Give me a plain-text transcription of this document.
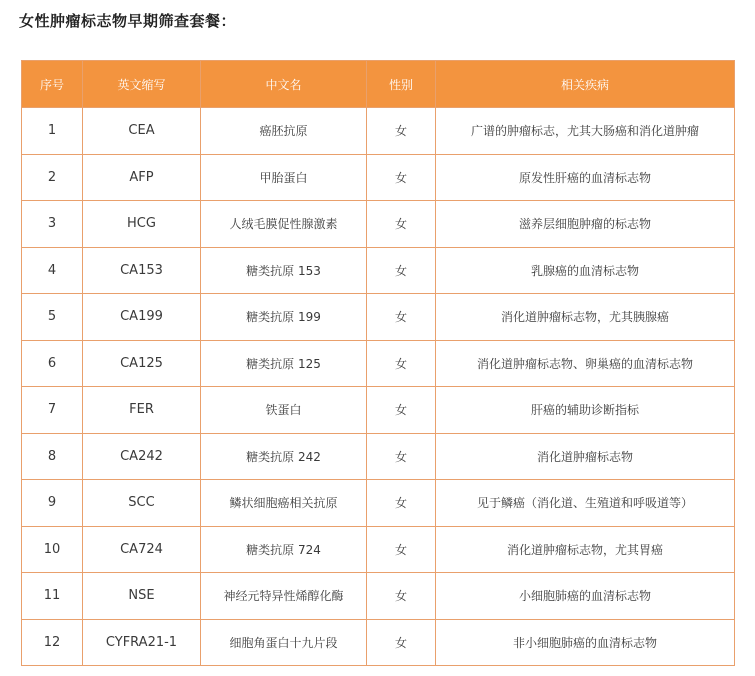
女性肿瘤标志物早期筛查套餐：
序号	英文缩写	中文名	性别	相关疾病
1	CEA	癌胚抗原	女	广谱的肿瘤标志，尤其大肠癌和消化道肿瘤
2	AFP	甲胎蛋白	女	原发性肝癌的血清标志物
3	HCG	人绒毛膜促性腺激素	女	滋养层细胞肿瘤的标志物
4	CA153	糖类抗原 153	女	乳腺癌的血清标志物
5	CA199	糖类抗原 199	女	消化道肿瘤标志物，尤其胰腺癌
6	CA125	糖类抗原 125	女	消化道肿瘤标志物、卵巢癌的血清标志物
7	FER	铁蛋白	女	肝癌的辅助诊断指标
8	CA242	糖类抗原 242	女	消化道肿瘤标志物
9	SCC	鳞状细胞癌相关抗原	女	见于鳞癌（消化道、生殖道和呼吸道等）
10	CA724	糖类抗原 724	女	消化道肿瘤标志物，尤其胃癌
11	NSE	神经元特异性烯醇化酶	女	小细胞肺癌的血清标志物
12	CYFRA21-1	细胞角蛋白十九片段	女	非小细胞肺癌的血清标志物
